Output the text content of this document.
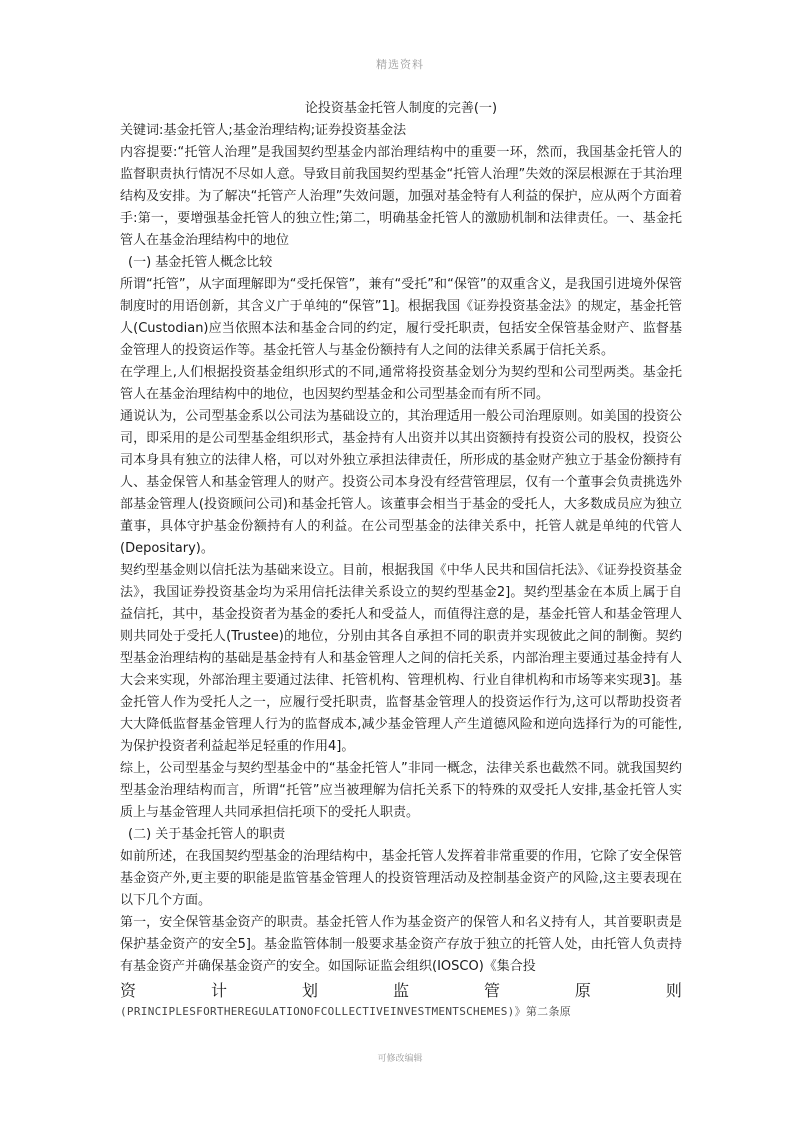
精选资料
论投资基金托管人制度的完善(一)

关键词:基金托管人;基金治理结构;证券投资基金法

内容提要:“托管人治理”是我国契约型基金内部治理结构中的重要一环，然而，我国基金托管人的监督职责执行情况不尽如人意。导致目前我国契约型基金“托管人治理”失效的深层根源在于其治理结构及安排。为了解决“托管产人治理”失效问题，加强对基金特有人利益的保护，应从两个方面着手:第一，要增强基金托管人的独立性;第二，明确基金托管人的激励机制和法律责任。一、基金托管人在基金治理结构中的地位

(一) 基金托管人概念比较

所谓“托管”，从字面理解即为“受托保管”，兼有“受托”和“保管”的双重含义，是我国引进境外保管制度时的用语创新，其含义广于单纯的“保管”1]。根据我国《证券投资基金法》的规定，基金托管人(Custodian)应当依照本法和基金合同的约定，履行受托职责，包括安全保管基金财产、监督基金管理人的投资运作等。基金托管人与基金份额持有人之间的法律关系属于信托关系。

在学理上,人们根据投资基金组织形式的不同,通常将投资基金划分为契约型和公司型两类。基金托管人在基金治理结构中的地位，也因契约型基金和公司型基金而有所不同。

通说认为，公司型基金系以公司法为基础设立的，其治理适用一般公司治理原则。如美国的投资公司，即采用的是公司型基金组织形式，基金持有人出资并以其出资额持有投资公司的股权，投资公司本身具有独立的法律人格，可以对外独立承担法律责任，所形成的基金财产独立于基金份额持有人、基金保管人和基金管理人的财产。投资公司本身没有经营管理层，仅有一个董事会负责挑选外部基金管理人(投资顾问公司)和基金托管人。该董事会相当于基金的受托人，大多数成员应为独立董事，具体守护基金份额持有人的利益。在公司型基金的法律关系中，托管人就是单纯的代管人(Depositary)。

契约型基金则以信托法为基础来设立。目前，根据我国《中华人民共和国信托法》、《证券投资基金法》，我国证券投资基金均为采用信托法律关系设立的契约型基金2]。契约型基金在本质上属于自益信托，其中，基金投资者为基金的委托人和受益人，而值得注意的是，基金托管人和基金管理人则共同处于受托人(Trustee)的地位，分别由其各自承担不同的职责并实现彼此之间的制衡。契约型基金治理结构的基础是基金持有人和基金管理人之间的信托关系，内部治理主要通过基金持有人大会来实现，外部治理主要通过法律、托管机构、管理机构、行业自律机构和市场等来实现3]。基金托管人作为受托人之一，应履行受托职责，监督基金管理人的投资运作行为,这可以帮助投资者大大降低监督基金管理人行为的监督成本,减少基金管理人产生道德风险和逆向选择行为的可能性,为保护投资者利益起举足轻重的作用4]。

综上，公司型基金与契约型基金中的“基金托管人”非同一概念，法律关系也截然不同。就我国契约型基金治理结构而言，所谓“托管”应当被理解为信托关系下的特殊的双受托人安排,基金托管人实质上与基金管理人共同承担信托项下的受托人职责。

(二) 关于基金托管人的职责

如前所述，在我国契约型基金的治理结构中，基金托管人发挥着非常重要的作用，它除了安全保管基金资产外,更主要的职能是监管基金管理人的投资管理活动及控制基金资产的风险,这主要表现在以下几个方面。

第一，安全保管基金资产的职责。基金托管人作为基金资产的保管人和名义持有人，其首要职责是保护基金资产的安全5]。基金监管体制一般要求基金资产存放于独立的托管人处，由托管人负责持有基金资产并确保基金资产的安全。如国际证监会组织(IOSCO)《集合投

资	计	划	监	管	原	则

(PRINCIPLESFORTHEREGULATIONOFCOLLECTIVEINVESTMENTSCHEMES)》第二条原

可修改编辑
